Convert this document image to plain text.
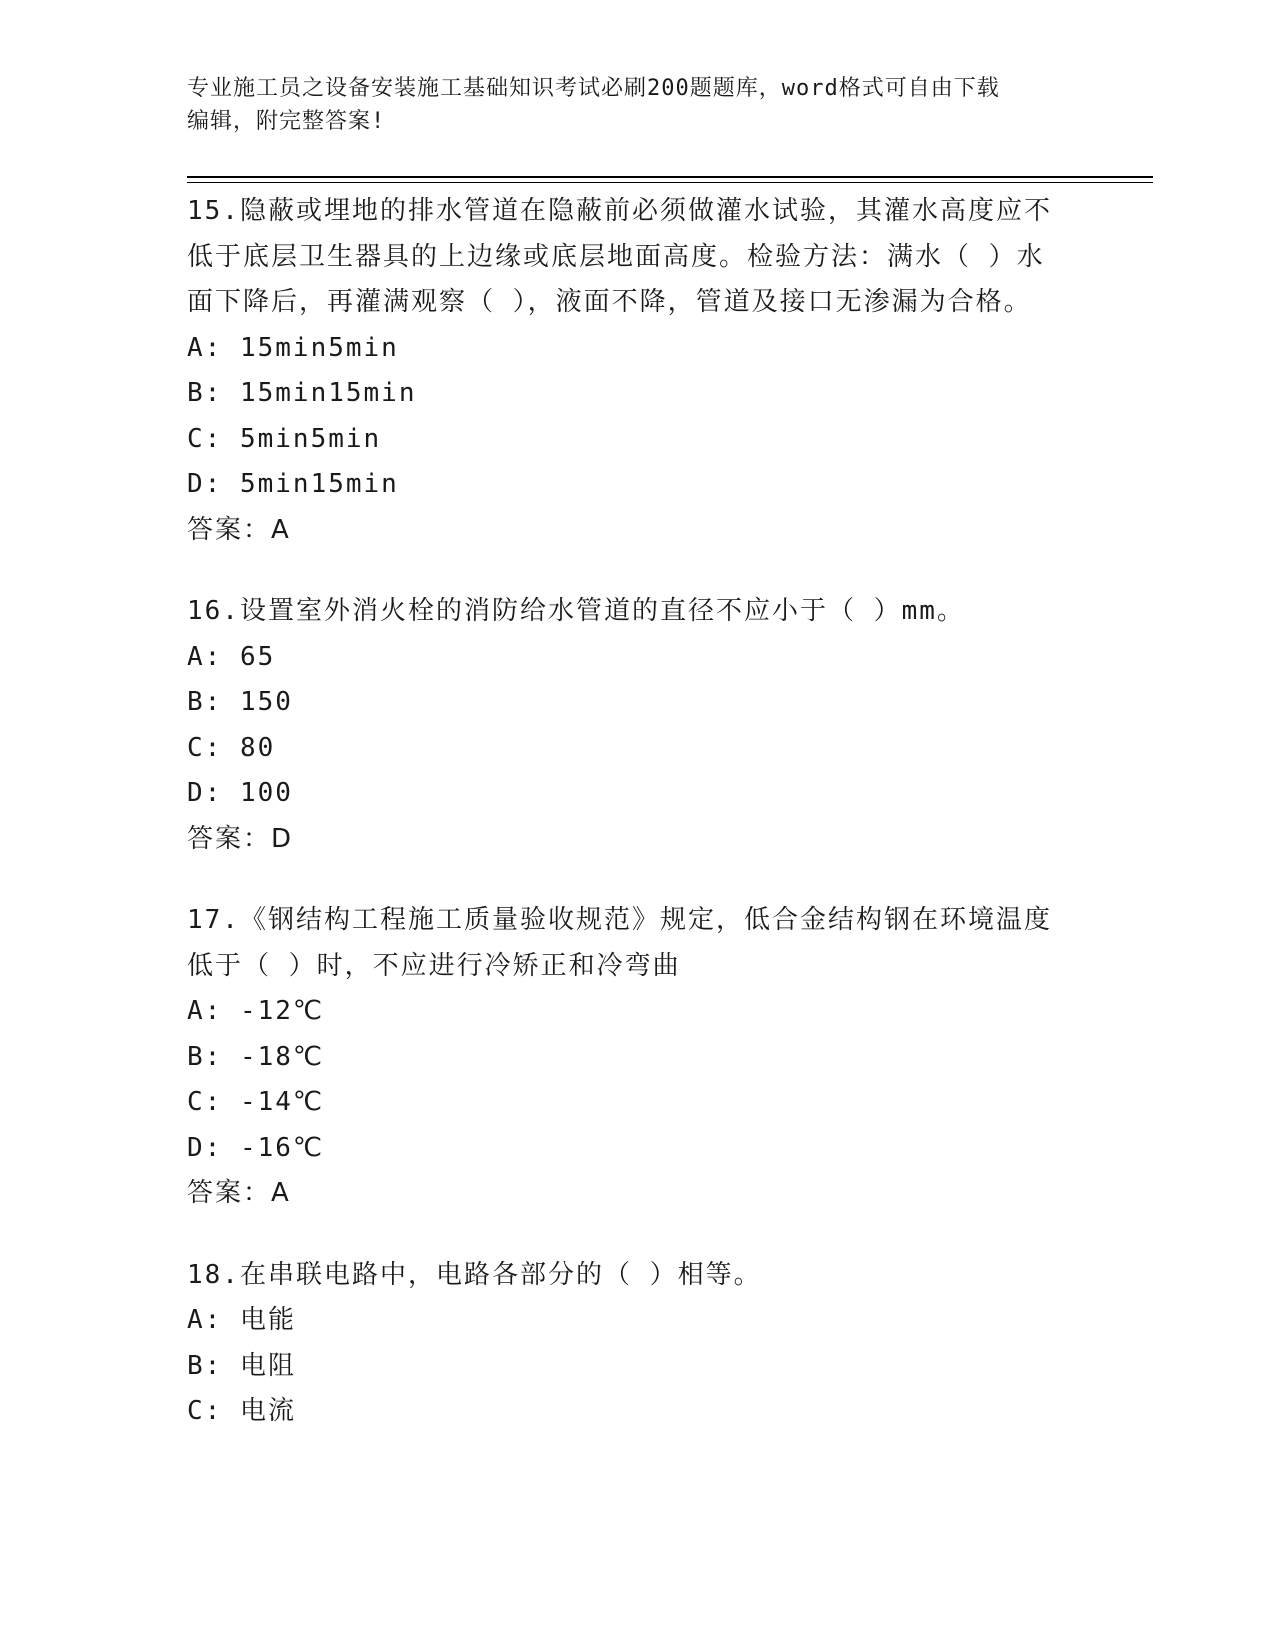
专业施工员之设备安装施工基础知识考试必刷200题题库，word格式可自由下载
编辑，附完整答案!
15.隐蔽或埋地的排水管道在隐蔽前必须做灌水试验，其灌水高度应不
低于底层卫生器具的上边缘或底层地面高度。检验方法：满水（ ）水
面下降后，再灌满观察（ ），液面不降，管道及接口无渗漏为合格。
A: 15min5min
B: 15min15min
C: 5min5min
D: 5min15min
答案：A
16.设置室外消火栓的消防给水管道的直径不应小于（ ）mm。
A: 65
B: 150
C: 80
D: 100
答案：D
17.《钢结构工程施工质量验收规范》规定，低合金结构钢在环境温度
低于（ ）时，不应进行冷矫正和冷弯曲
A: -12℃
B: -18℃
C: -14℃
D: -16℃
答案：A
18.在串联电路中，电路各部分的（ ）相等。
A: 电能
B: 电阻
C: 电流
